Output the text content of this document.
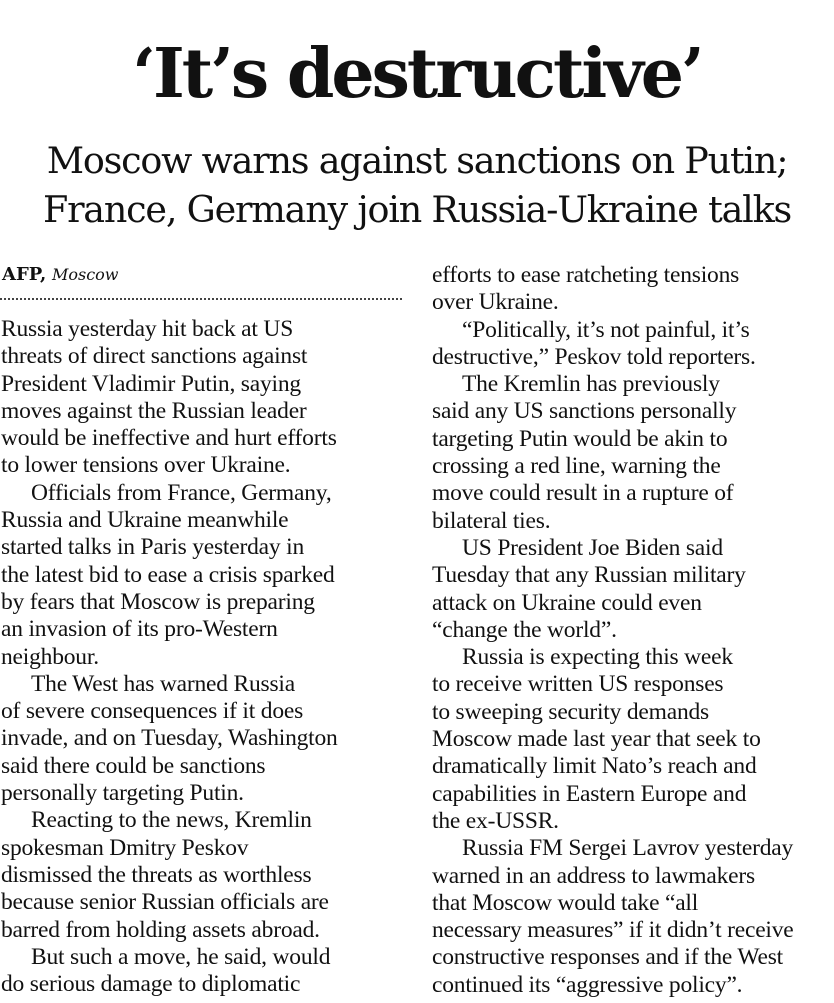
‘It’s destructive’
Moscow warns against sanctions on Putin;
France, Germany join Russia-Ukraine talks
AFP, Moscow
Russia yesterday hit back at US
threats of direct sanctions against
President Vladimir Putin, saying
moves against the Russian leader
would be ineffective and hurt efforts
to lower tensions over Ukraine.
Officials from France, Germany,
Russia and Ukraine meanwhile
started talks in Paris yesterday in
the latest bid to ease a crisis sparked
by fears that Moscow is preparing
an invasion of its pro-Western
neighbour.
The West has warned Russia
of severe consequences if it does
invade, and on Tuesday, Washington
said there could be sanctions
personally targeting Putin.
Reacting to the news, Kremlin
spokesman Dmitry Peskov
dismissed the threats as worthless
because senior Russian officials are
barred from holding assets abroad.
But such a move, he said, would
do serious damage to diplomatic
efforts to ease ratcheting tensions
over Ukraine.
“Politically, it’s not painful, it’s
destructive,” Peskov told reporters.
The Kremlin has previously
said any US sanctions personally
targeting Putin would be akin to
crossing a red line, warning the
move could result in a rupture of
bilateral ties.
US President Joe Biden said
Tuesday that any Russian military
attack on Ukraine could even
“change the world”.
Russia is expecting this week
to receive written US responses
to sweeping security demands
Moscow made last year that seek to
dramatically limit Nato’s reach and
capabilities in Eastern Europe and
the ex-USSR.
Russia FM Sergei Lavrov yesterday
warned in an address to lawmakers
that Moscow would take “all
necessary measures” if it didn’t receive
constructive responses and if the West
continued its “aggressive policy”.
